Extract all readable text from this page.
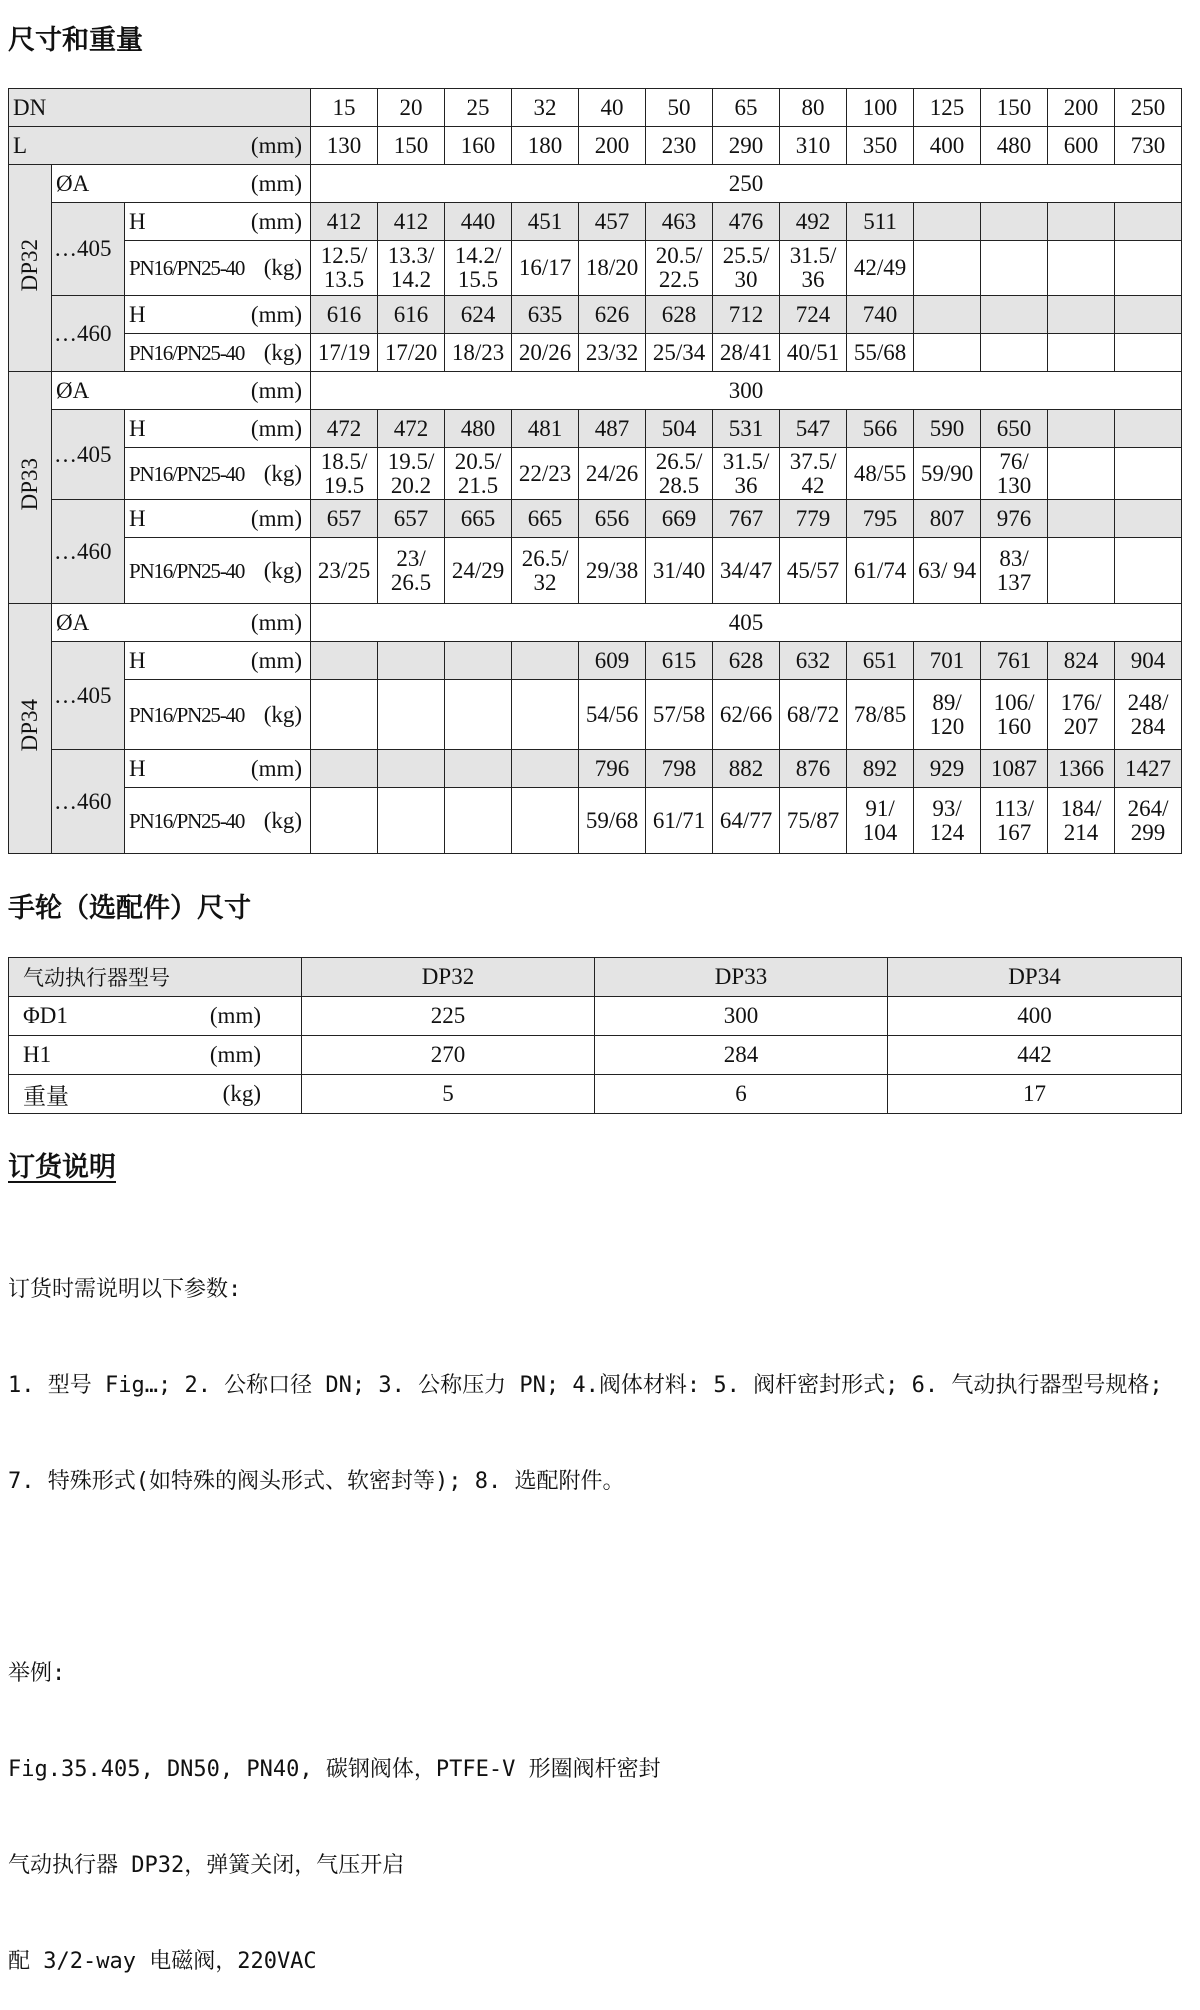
尺寸和重量
DN			15	20	25	32	40	50	65	80	100	125	150	200	250
L (mm)			130	150	160	180	200	230	290	310	350	400	480	600	730
DP32	ØA (mm)		250												
	…405	H (mm)	412	412	440	451	457	463	476	492	511				
		PN16/PN25-40 (kg)	12.5/ 13.5	13.3/ 14.2	14.2/ 15.5	16/17	18/20	20.5/ 22.5	25.5/ 30	31.5/ 36	42/49				
	…460	H (mm)	616	616	624	635	626	628	712	724	740				
		PN16/PN25-40 (kg)	17/19	17/20	18/23	20/26	23/32	25/34	28/41	40/51	55/68				
DP33	ØA (mm)		300												
	…405	H (mm)	472	472	480	481	487	504	531	547	566	590	650		
		PN16/PN25-40 (kg)	18.5/ 19.5	19.5/ 20.2	20.5/ 21.5	22/23	24/26	26.5/ 28.5	31.5/ 36	37.5/ 42	48/55	59/90	76/ 130		
	…460	H (mm)	657	657	665	665	656	669	767	779	795	807	976		
		PN16/PN25-40 (kg)	23/25	23/ 26.5	24/29	26.5/ 32	29/38	31/40	34/47	45/57	61/74	63/ 94	83/ 137		
DP34	ØA (mm)		405												
	…405	H (mm)					609	615	628	632	651	701	761	824	904
		PN16/PN25-40 (kg)					54/56	57/58	62/66	68/72	78/85	89/ 120	106/ 160	176/ 207	248/ 284
	…460	H (mm)					796	798	882	876	892	929	1087	1366	1427
		PN16/PN25-40 (kg)					59/68	61/71	64/77	75/87	91/ 104	93/ 124	113/ 167	184/ 214	264/ 299
手轮（选配件）尺寸
气动执行器型号	DP32	DP33	DP34
ΦD1 (mm)	225	300	400
H1 (mm)	270	284	442
重量 (kg)	5	6	17
订货说明

订货时需说明以下参数:

1. 型号 Fig…; 2. 公称口径 DN; 3. 公称压力 PN; 4.阀体材料: 5. 阀杆密封形式; 6. 气动执行器型号规格;

7. 特殊形式(如特殊的阀头形式、软密封等); 8. 选配附件。

举例:

Fig.35.405, DN50, PN40, 碳钢阀体，PTFE-V 形圈阀杆密封

气动执行器 DP32，弹簧关闭，气压开启

配 3/2-way 电磁阀，220VAC
